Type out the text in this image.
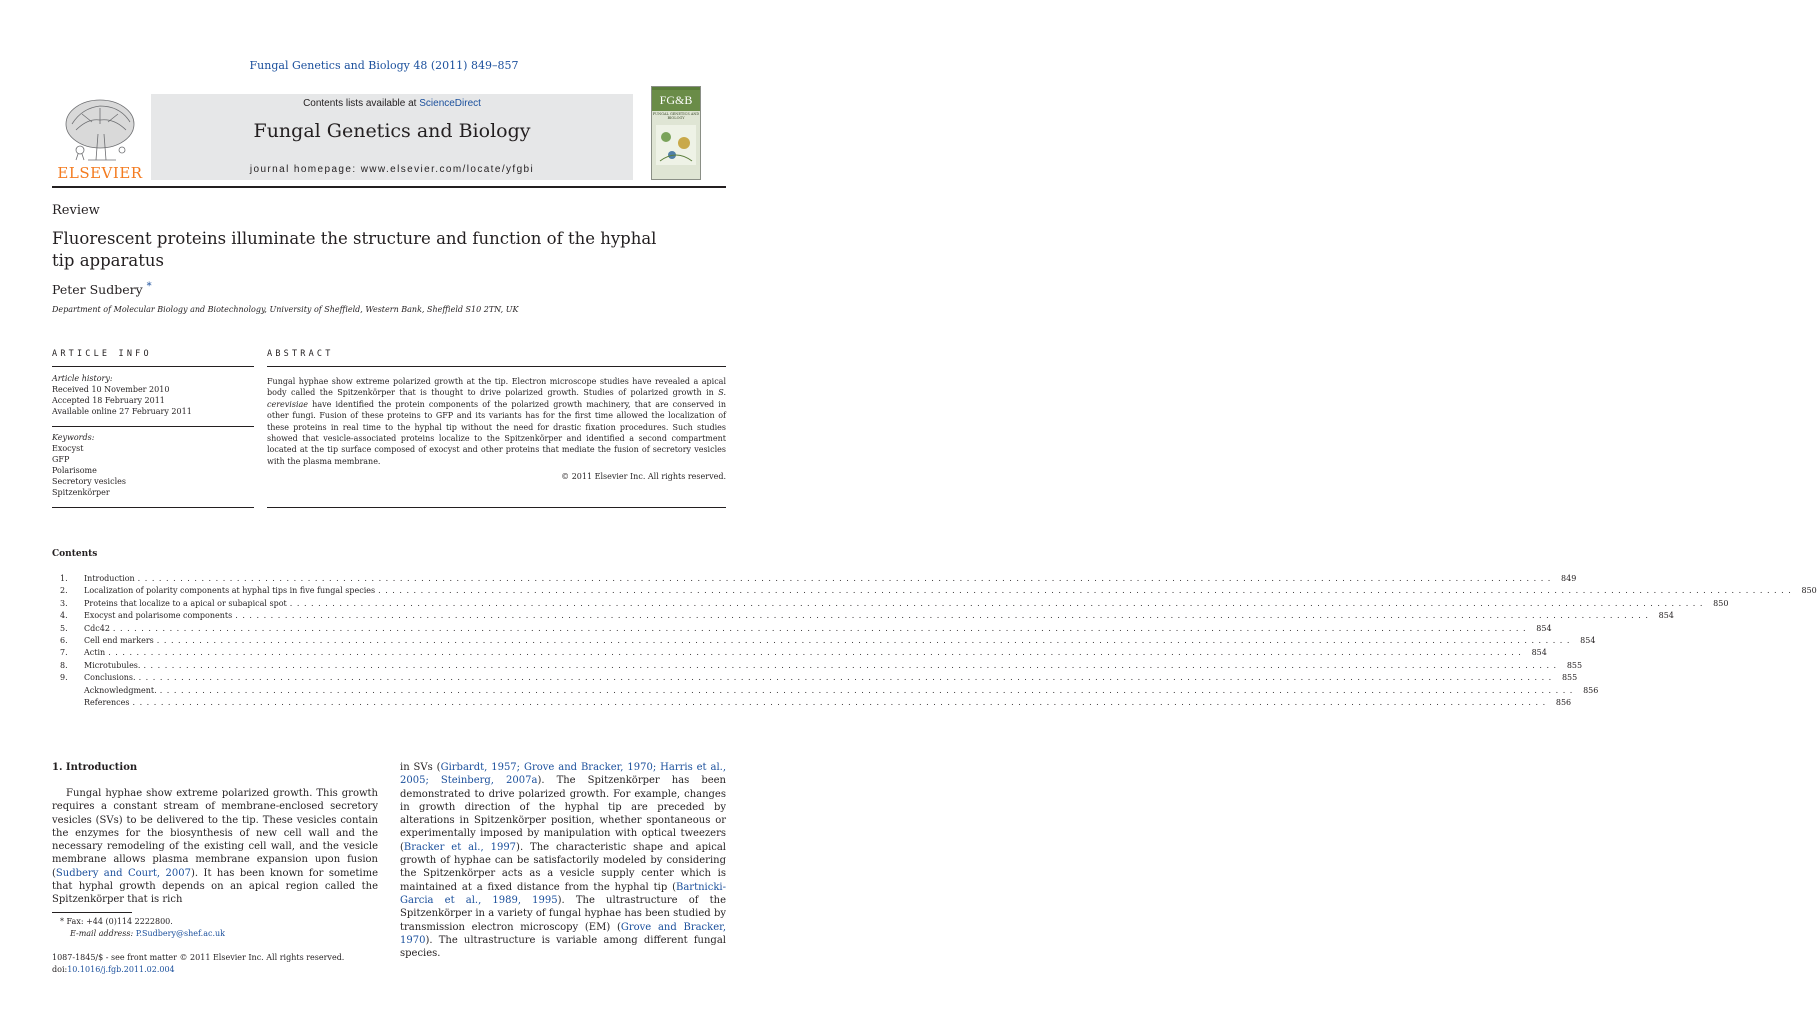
Fungal Genetics and Biology 48 (2011) 849–857
ELSEVIER
Contents lists available at ScienceDirect
Fungal Genetics and Biology
journal homepage: www.elsevier.com/locate/yfgbi
FG&B
FUNGAL GENETICS AND BIOLOGY
Review
Fluorescent proteins illuminate the structure and function of the hyphal tip apparatus
Peter Sudbery *
Department of Molecular Biology and Biotechnology, University of Sheffield, Western Bank, Sheffield S10 2TN, UK
ARTICLE INFO
Article history:
Received 10 November 2010
Accepted 18 February 2011
Available online 27 February 2011
Keywords:
Exocyst
GFP
Polarisome
Secretory vesicles
Spitzenkörper
ABSTRACT
Fungal hyphae show extreme polarized growth at the tip. Electron microscope studies have revealed a apical body called the Spitzenkörper that is thought to drive polarized growth. Studies of polarized growth in S. cerevisiae have identified the protein components of the polarized growth machinery, that are conserved in other fungi. Fusion of these proteins to GFP and its variants has for the first time allowed the localization of these proteins in real time to the hyphal tip without the need for drastic fixation procedures. Such studies showed that vesicle-associated proteins localize to the Spitzenkörper and identified a second compartment located at the tip surface composed of exocyst and other proteins that mediate the fusion of secretory vesicles with the plasma membrane.
© 2011 Elsevier Inc. All rights reserved.
Contents
1.	Introduction . . . . . . . . . . . . . . . . . . . . . . . . . . . . . . . . . . . . . . . . . . . . . . . . . . . . . . . . . . . . . . . . . . . . . . . . . . . . . . . . . . . . . . . . . . . . . . . . . . . . . . . . . . . . . . . . . . . . . . . . . . . . . . . . . . . . . . . . . . . . . . . . . . . . . . . . . . . . . . . . . . . . . . . . . . . . . . . . . . . . . . . . . . . . . . . . . . . . . . . .	849
2.	Localization of polarity components at hyphal tips in five fungal species . . . . . . . . . . . . . . . . . . . . . . . . . . . . . . . . . . . . . . . . . . . . . . . . . . . . . . . . . . . . . . . . . . . . . . . . . . . . . . . . . . . . . . . . . . . . . . . . . . . . . . . . . . . . . . . . . . . . . . . . . . . . . . . . . . . . . . . . . . . . . . . . . . . . . . . . . . . . . . . . . . . . . . . . . . . . . . . . . . . . . . . . . . . . . . . . . . . . . . . .	850
3.	Proteins that localize to a apical or subapical spot . . . . . . . . . . . . . . . . . . . . . . . . . . . . . . . . . . . . . . . . . . . . . . . . . . . . . . . . . . . . . . . . . . . . . . . . . . . . . . . . . . . . . . . . . . . . . . . . . . . . . . . . . . . . . . . . . . . . . . . . . . . . . . . . . . . . . . . . . . . . . . . . . . . . . . . . . . . . . . . . . . . . . . . . . . . . . . . . . . . . . . . . . . . . . . . . . . . . . . . .	850
4.	Exocyst and polarisome components . . . . . . . . . . . . . . . . . . . . . . . . . . . . . . . . . . . . . . . . . . . . . . . . . . . . . . . . . . . . . . . . . . . . . . . . . . . . . . . . . . . . . . . . . . . . . . . . . . . . . . . . . . . . . . . . . . . . . . . . . . . . . . . . . . . . . . . . . . . . . . . . . . . . . . . . . . . . . . . . . . . . . . . . . . . . . . . . . . . . . . . . . . . . . . . . . . . . . . . .	854
5.	Cdc42 . . . . . . . . . . . . . . . . . . . . . . . . . . . . . . . . . . . . . . . . . . . . . . . . . . . . . . . . . . . . . . . . . . . . . . . . . . . . . . . . . . . . . . . . . . . . . . . . . . . . . . . . . . . . . . . . . . . . . . . . . . . . . . . . . . . . . . . . . . . . . . . . . . . . . . . . . . . . . . . . . . . . . . . . . . . . . . . . . . . . . . . . . . . . . . . . . . . . . . . .	854
6.	Cell end markers . . . . . . . . . . . . . . . . . . . . . . . . . . . . . . . . . . . . . . . . . . . . . . . . . . . . . . . . . . . . . . . . . . . . . . . . . . . . . . . . . . . . . . . . . . . . . . . . . . . . . . . . . . . . . . . . . . . . . . . . . . . . . . . . . . . . . . . . . . . . . . . . . . . . . . . . . . . . . . . . . . . . . . . . . . . . . . . . . . . . . . . . . . . . . . . . . . . . . . . .	854
7.	Actin . . . . . . . . . . . . . . . . . . . . . . . . . . . . . . . . . . . . . . . . . . . . . . . . . . . . . . . . . . . . . . . . . . . . . . . . . . . . . . . . . . . . . . . . . . . . . . . . . . . . . . . . . . . . . . . . . . . . . . . . . . . . . . . . . . . . . . . . . . . . . . . . . . . . . . . . . . . . . . . . . . . . . . . . . . . . . . . . . . . . . . . . . . . . . . . . . . . . . . . .	854
8.	Microtubules. . . . . . . . . . . . . . . . . . . . . . . . . . . . . . . . . . . . . . . . . . . . . . . . . . . . . . . . . . . . . . . . . . . . . . . . . . . . . . . . . . . . . . . . . . . . . . . . . . . . . . . . . . . . . . . . . . . . . . . . . . . . . . . . . . . . . . . . . . . . . . . . . . . . . . . . . . . . . . . . . . . . . . . . . . . . . . . . . . . . . . . . . . . . . . . . . . . . . . . . .	855
9.	Conclusions. . . . . . . . . . . . . . . . . . . . . . . . . . . . . . . . . . . . . . . . . . . . . . . . . . . . . . . . . . . . . . . . . . . . . . . . . . . . . . . . . . . . . . . . . . . . . . . . . . . . . . . . . . . . . . . . . . . . . . . . . . . . . . . . . . . . . . . . . . . . . . . . . . . . . . . . . . . . . . . . . . . . . . . . . . . . . . . . . . . . . . . . . . . . . . . . . . . . . . . . .	855
Acknowledgment. . . . . . . . . . . . . . . . . . . . . . . . . . . . . . . . . . . . . . . . . . . . . . . . . . . . . . . . . . . . . . . . . . . . . . . . . . . . . . . . . . . . . . . . . . . . . . . . . . . . . . . . . . . . . . . . . . . . . . . . . . . . . . . . . . . . . . . . . . . . . . . . . . . . . . . . . . . . . . . . . . . . . . . . . . . . . . . . . . . . . . . . . . . . . . . . . . . . . . . . .	856
References . . . . . . . . . . . . . . . . . . . . . . . . . . . . . . . . . . . . . . . . . . . . . . . . . . . . . . . . . . . . . . . . . . . . . . . . . . . . . . . . . . . . . . . . . . . . . . . . . . . . . . . . . . . . . . . . . . . . . . . . . . . . . . . . . . . . . . . . . . . . . . . . . . . . . . . . . . . . . . . . . . . . . . . . . . . . . . . . . . . . . . . . . . . . . . . . . . . . . . . .	856
1. Introduction
Fungal hyphae show extreme polarized growth. This growth requires a constant stream of membrane-enclosed secretory vesicles (SVs) to be delivered to the tip. These vesicles contain the enzymes for the biosynthesis of new cell wall and the necessary remodeling of the existing cell wall, and the vesicle membrane allows plasma membrane expansion upon fusion (Sudbery and Court, 2007). It has been known for sometime that hyphal growth depends on an apical region called the Spitzenkörper that is rich
in SVs (Girbardt, 1957; Grove and Bracker, 1970; Harris et al., 2005; Steinberg, 2007a). The Spitzenkörper has been demonstrated to drive polarized growth. For example, changes in growth direction of the hyphal tip are preceded by alterations in Spitzenkörper position, whether spontaneous or experimentally imposed by manipulation with optical tweezers (Bracker et al., 1997). The characteristic shape and apical growth of hyphae can be satisfactorily modeled by considering the Spitzenkörper acts as a vesicle supply center which is maintained at a fixed distance from the hyphal tip (Bartnicki-Garcia et al., 1989, 1995). The ultrastructure of the Spitzenkörper in a variety of fungal hyphae has been studied by transmission electron microscopy (EM) (Grove and Bracker, 1970). The ultrastructure is variable among different fungal species.
* Fax: +44 (0)114 2222800.
E-mail address: P.Sudbery@shef.ac.uk
1087-1845/$ - see front matter © 2011 Elsevier Inc. All rights reserved.
doi:10.1016/j.fgb.2011.02.004
